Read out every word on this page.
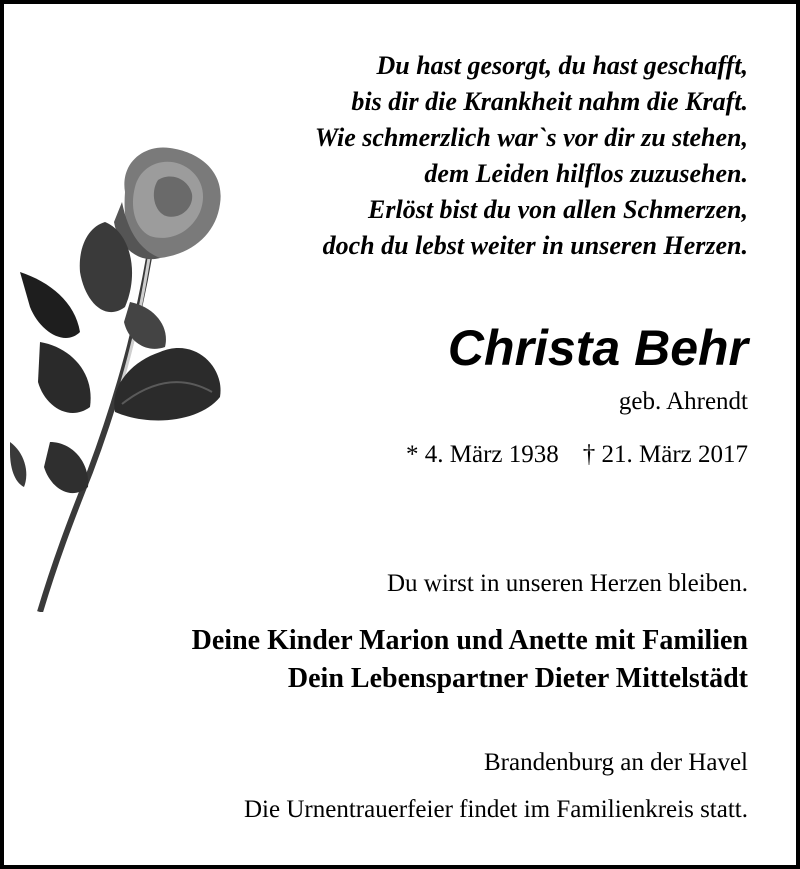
Du hast gesorgt, du hast geschafft,
bis dir die Krankheit nahm die Kraft.
Wie schmerzlich war`s vor dir zu stehen,
dem Leiden hilflos zuzusehen.
Erlöst bist du von allen Schmerzen,
doch du lebst weiter in unseren Herzen.
Christa Behr
geb. Ahrendt
* 4. März 1938 † 21. März 2017
Du wirst in unseren Herzen bleiben.
Deine Kinder Marion und Anette mit Familien
Dein Lebenspartner Dieter Mittelstädt
Brandenburg an der Havel
Die Urnentrauerfeier findet im Familienkreis statt.
